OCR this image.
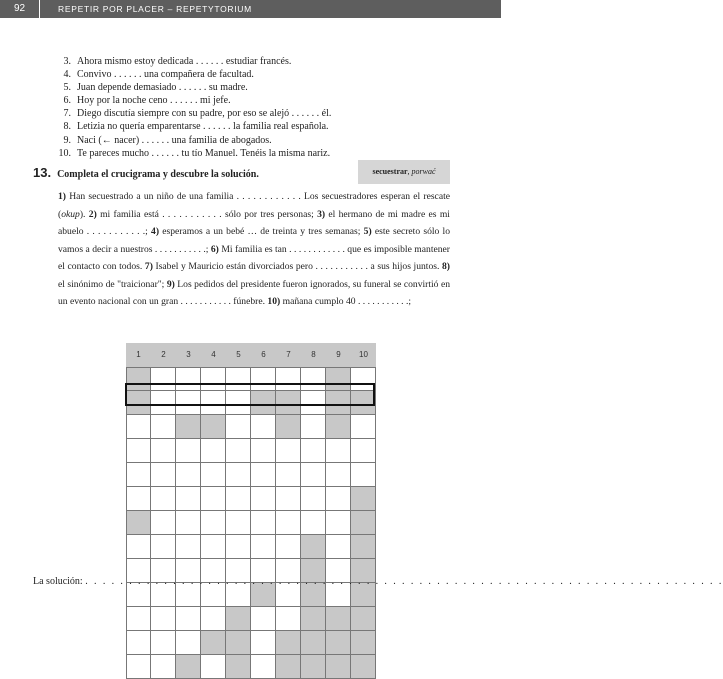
92	REPETIR POR PLACER – REPETYTORIUM
3. Ahora mismo estoy dedicada . . . . . . estudiar francés.
4. Convivo . . . . . . una compañera de facultad.
5. Juan depende demasiado . . . . . . su madre.
6. Hoy por la noche ceno . . . . . . mi jefe.
7. Diego discutía siempre con su padre, por eso se alejó . . . . . . él.
8. Letizia no quería emparentarse . . . . . . la familia real española.
9. Naci (← nacer) . . . . . . una familia de abogados.
10. Te pareces mucho . . . . . . tu tío Manuel. Tenéis la misma nariz.
13. Completa el crucigrama y descubre la solución.	secuestrar, porwać

1) Han secuestrado a un niño de una familia . . . . . . . . . . . . Los secuestradores esperan el rescate (okup). 2) mi familia está . . . . . . . . . . . sólo por tres personas; 3) el hermano de mi madre es mi abuelo . . . . . . . . . . .; 4) esperamos a un bebé … de treinta y tres semanas; 5) este secreto sólo lo vamos a decir a nuestros . . . . . . . . . . .; 6) Mi familia es tan . . . . . . . . . . . . que es imposible mantener el contacto con todos. 7) Isabel y Mauricio están divorciados pero . . . . . . . . . . . a sus hijos juntos. 8) el sinónimo de "traicionar"; 9) Los pedidos del presidente fueron ignorados, su funeral se convirtió en un evento nacional con un gran . . . . . . . . . . . fúnebre. 10) mañana cumplo 40 . . . . . . . . . . .;

1	2	3	4	5	6	7	8	9	10
La solución: . . . . . . . . . . . . . . . . . . . . . . . . . . . . . . . . . . . . . . . . . . . . . . . . . . . . . . . . . . . . . . . . . . . . . . . . .
